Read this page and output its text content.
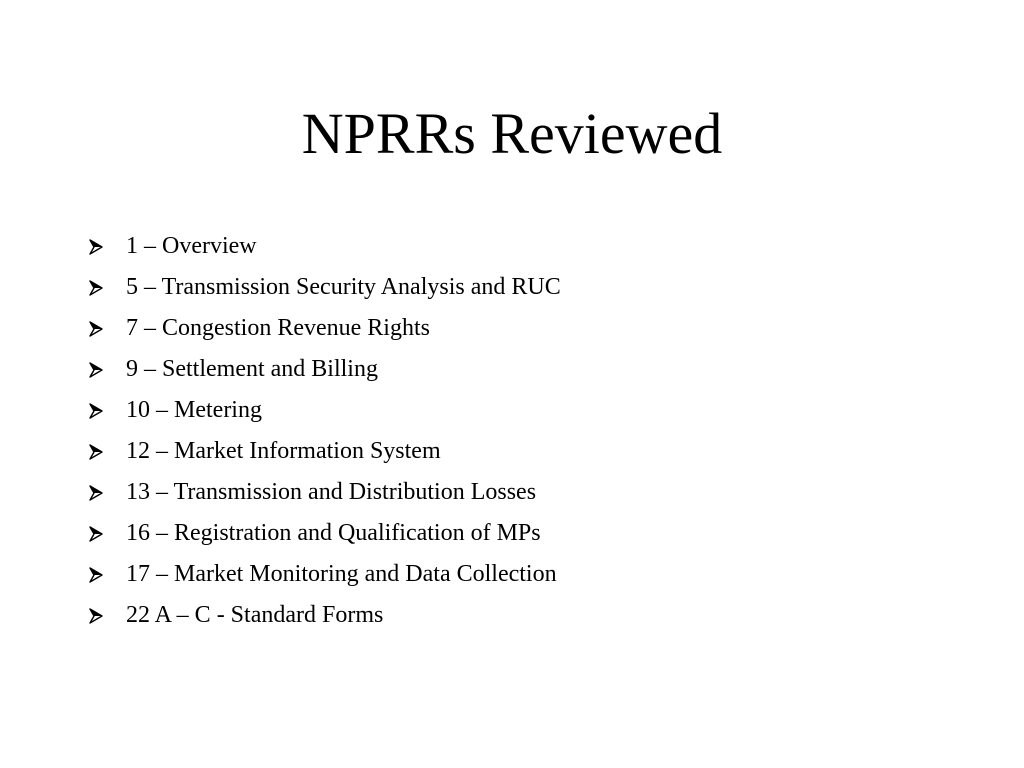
NPRRs Reviewed
1 – Overview
5 – Transmission Security Analysis and RUC
7 – Congestion Revenue Rights
9 – Settlement and Billing
10 – Metering
12 – Market Information System
13 – Transmission and Distribution Losses
16 – Registration and Qualification of MPs
17 – Market Monitoring and Data Collection
22 A – C - Standard Forms
